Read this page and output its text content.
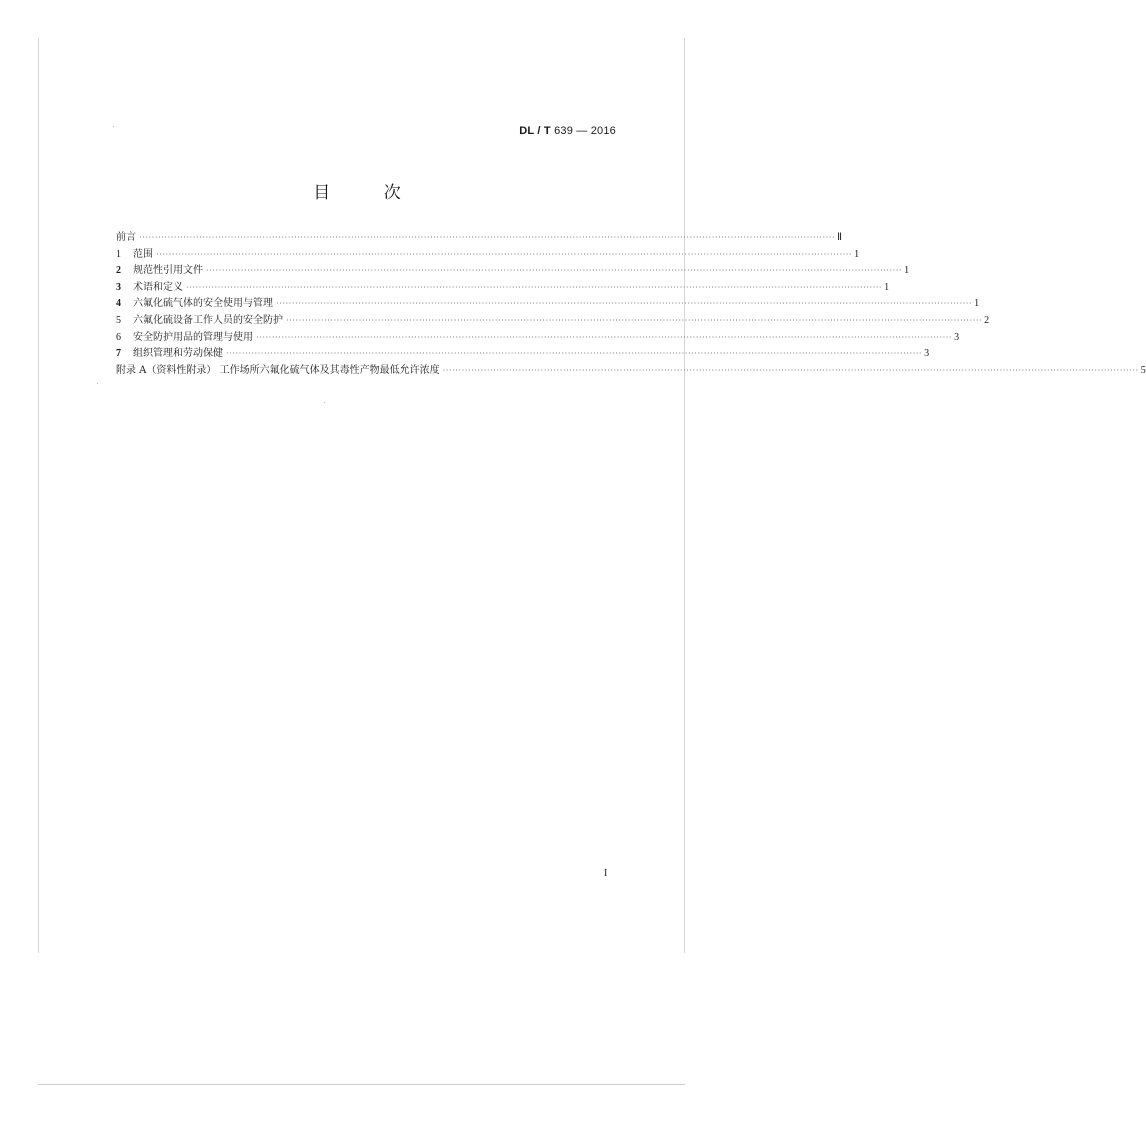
DL / T 639 — 2016
目 次
前言 ···························································································································································································································· Ⅱ
1	范围 ···························································································································································································································· 1
2	规范性引用文件 ···························································································································································································································· 1
3	术语和定义 ···························································································································································································································· 1
4	六氟化硫气体的安全使用与管理 ···························································································································································································································· 1
5	六氟化硫设备工作人员的安全防护 ···························································································································································································································· 2
6	安全防护用品的管理与使用 ···························································································································································································································· 3
7	组织管理和劳动保健 ···························································································································································································································· 3
附录 A（资料性附录） 工作场所六氟化硫气体及其毒性产物最低允许浓度 ···························································································································································································································· 5
I
